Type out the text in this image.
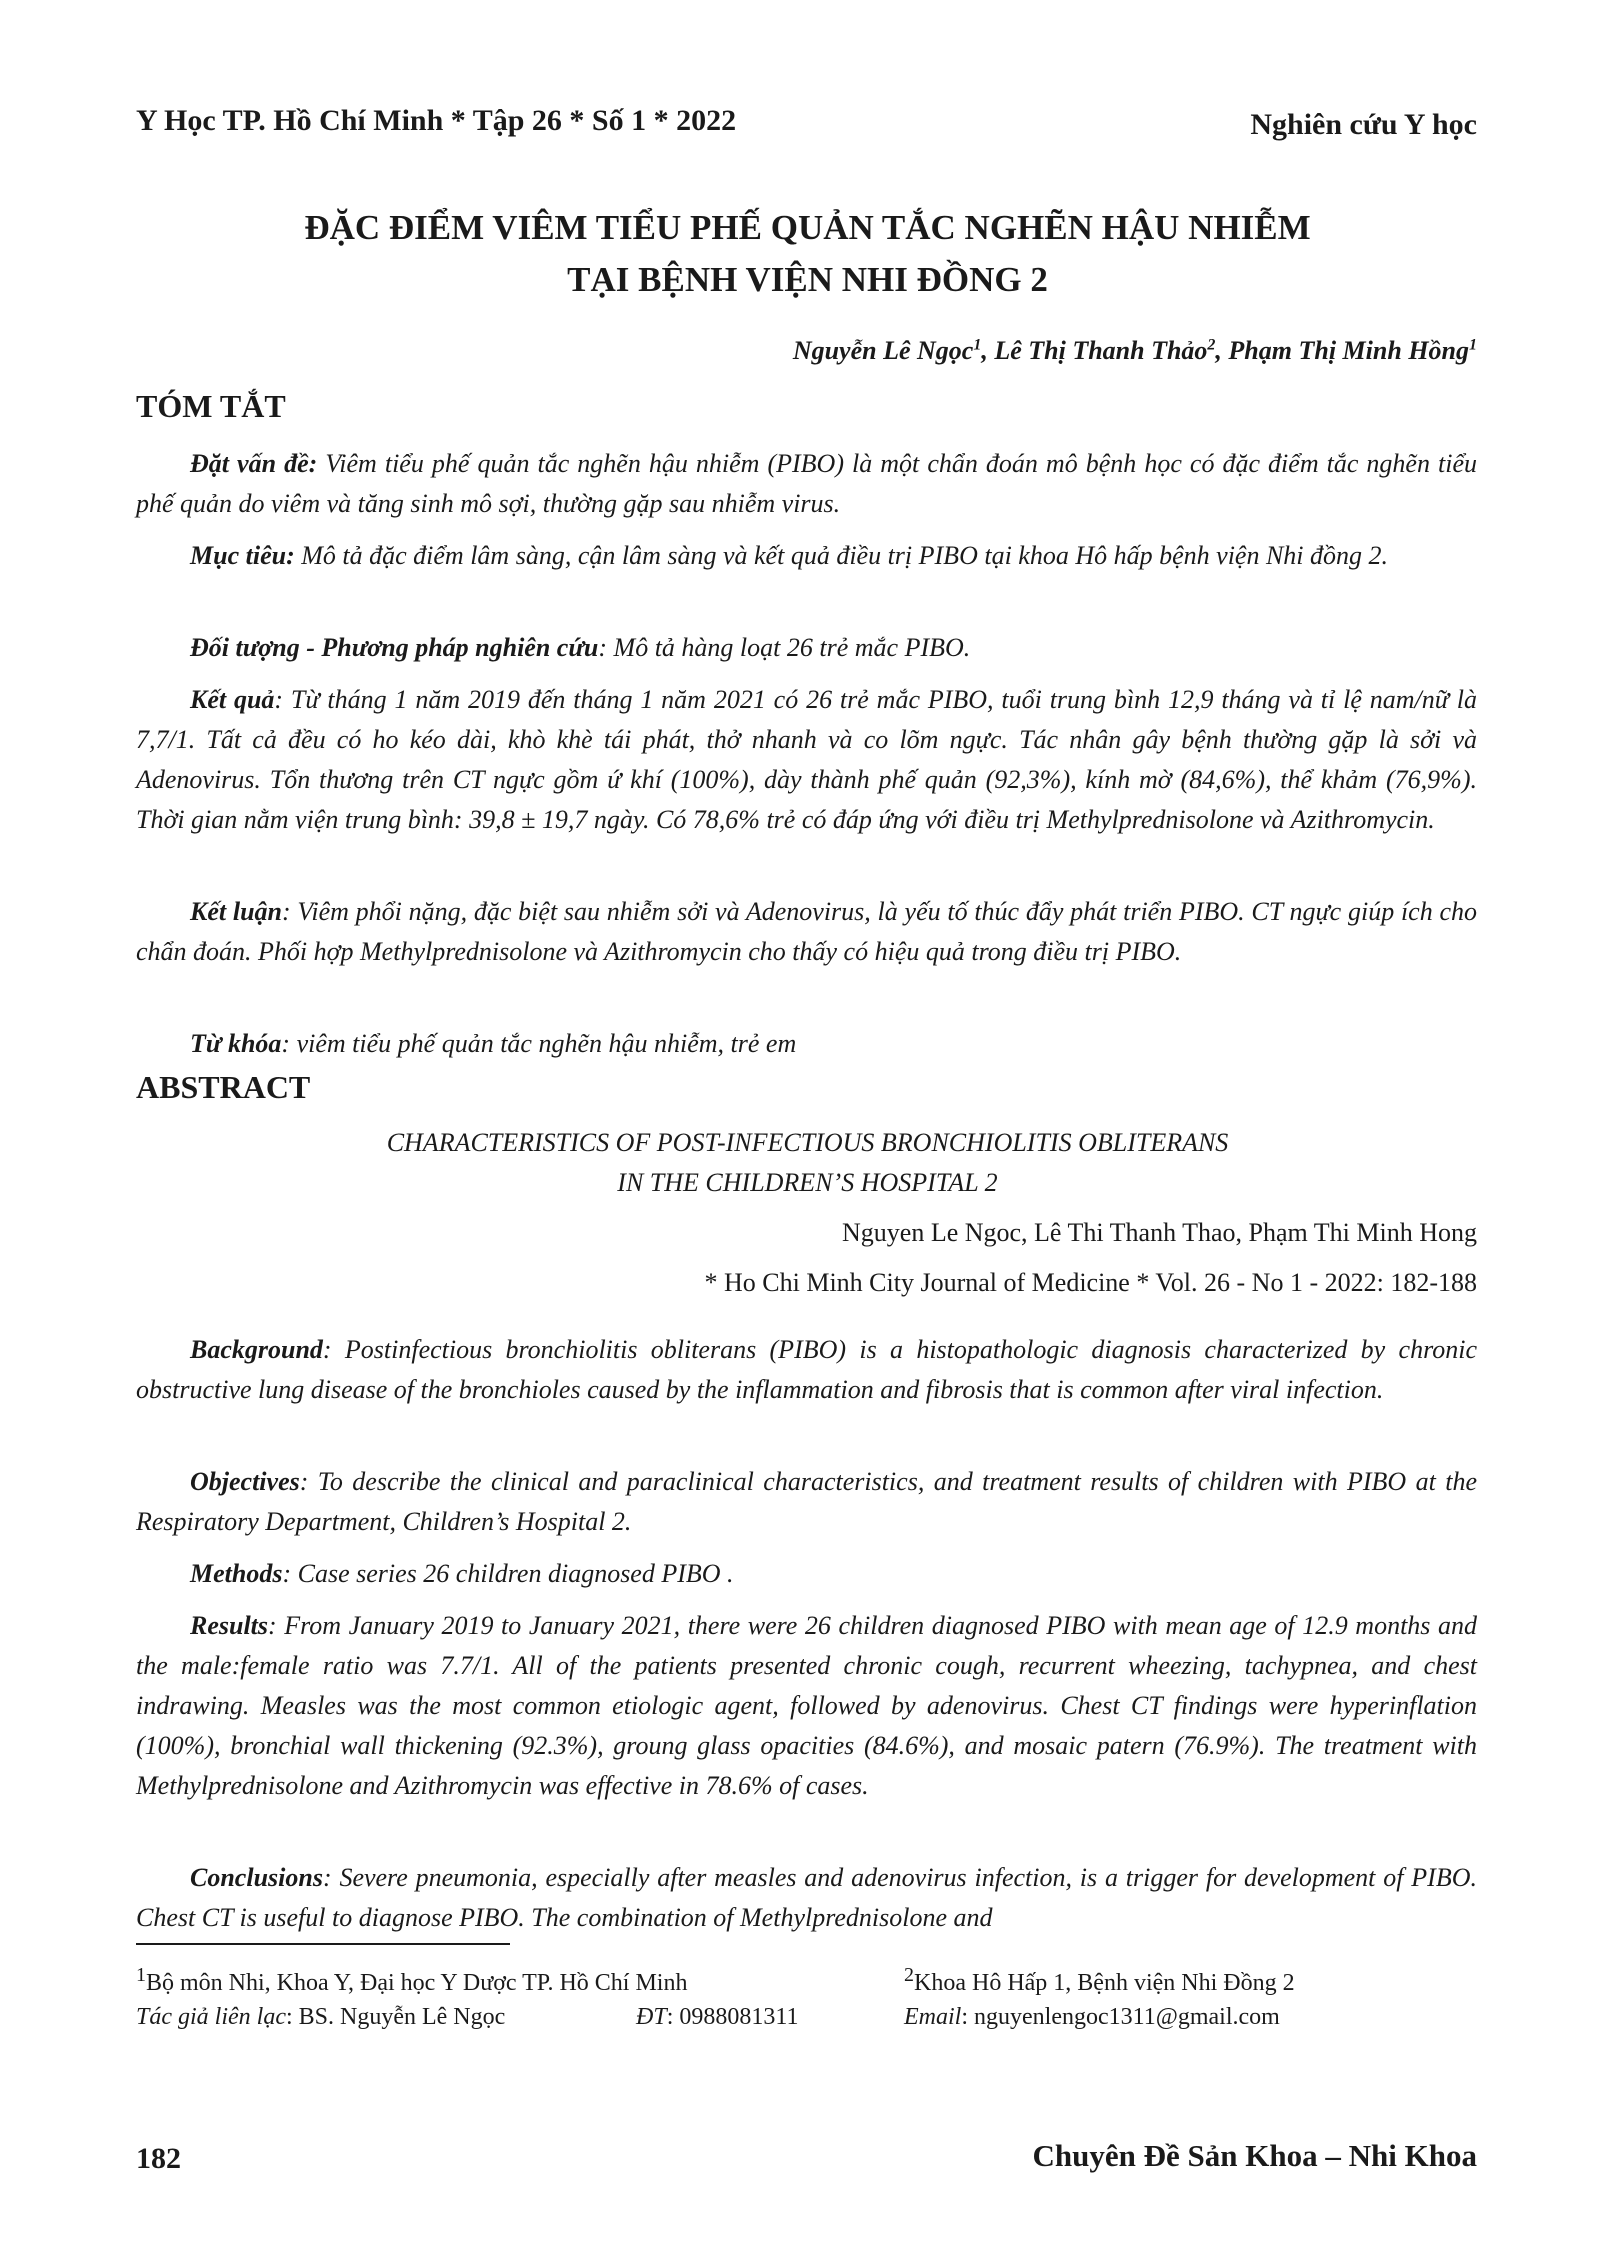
Y Học TP. Hồ Chí Minh * Tập 26 * Số 1 * 2022	Nghiên cứu Y học
ĐẶC ĐIỂM VIÊM TIỂU PHẾ QUẢN TẮC NGHẼN HẬU NHIỄM
TẠI BỆNH VIỆN NHI ĐỒNG 2
Nguyễn Lê Ngọc$^1$, Lê Thị Thanh Thảo$^2$, Phạm Thị Minh Hồng$^1$
TÓM TẮT

Đặt vấn đề: Viêm tiểu phế quản tắc nghẽn hậu nhiễm (PIBO) là một chẩn đoán mô bệnh học có đặc điểm tắc nghẽn tiểu phế quản do viêm và tăng sinh mô sợi, thường gặp sau nhiễm virus.

Mục tiêu: Mô tả đặc điểm lâm sàng, cận lâm sàng và kết quả điều trị PIBO tại khoa Hô hấp bệnh viện Nhi đồng 2.

Đối tượng - Phương pháp nghiên cứu: Mô tả hàng loạt 26 trẻ mắc PIBO.

Kết quả: Từ tháng 1 năm 2019 đến tháng 1 năm 2021 có 26 trẻ mắc PIBO, tuổi trung bình 12,9 tháng và tỉ lệ nam/nữ là 7,7/1. Tất cả đều có ho kéo dài, khò khè tái phát, thở nhanh và co lõm ngực. Tác nhân gây bệnh thường gặp là sởi và Adenovirus. Tổn thương trên CT ngực gồm ứ khí (100%), dày thành phế quản (92,3%), kính mờ (84,6%), thể khảm (76,9%). Thời gian nằm viện trung bình: 39,8 ± 19,7 ngày. Có 78,6% trẻ có đáp ứng với điều trị Methylprednisolone và Azithromycin.

Kết luận: Viêm phổi nặng, đặc biệt sau nhiễm sởi và Adenovirus, là yếu tố thúc đẩy phát triển PIBO. CT ngực giúp ích cho chẩn đoán. Phối hợp Methylprednisolone và Azithromycin cho thấy có hiệu quả trong điều trị PIBO.

Từ khóa: viêm tiểu phế quản tắc nghẽn hậu nhiễm, trẻ em

ABSTRACT
CHARACTERISTICS OF POST-INFECTIOUS BRONCHIOLITIS OBLITERANS
IN THE CHILDREN’S HOSPITAL 2
Nguyen Le Ngoc, Lê Thi Thanh Thao, Phạm Thi Minh Hong
* Ho Chi Minh City Journal of Medicine * Vol. 26 - No 1 - 2022: 182-188

Background: Postinfectious bronchiolitis obliterans (PIBO) is a histopathologic diagnosis characterized by chronic obstructive lung disease of the bronchioles caused by the inflammation and fibrosis that is common after viral infection.

Objectives: To describe the clinical and paraclinical characteristics, and treatment results of children with PIBO at the Respiratory Department, Children’s Hospital 2.

Methods: Case series 26 children diagnosed PIBO .

Results: From January 2019 to January 2021, there were 26 children diagnosed PIBO with mean age of 12.9 months and the male:female ratio was 7.7/1. All of the patients presented chronic cough, recurrent wheezing, tachypnea, and chest indrawing. Measles was the most common etiologic agent, followed by adenovirus. Chest CT findings were hyperinflation (100%), bronchial wall thickening (92.3%), groung glass opacities (84.6%), and mosaic patern (76.9%). The treatment with Methylprednisolone and Azithromycin was effective in 78.6% of cases.

Conclusions: Severe pneumonia, especially after measles and adenovirus infection, is a trigger for development of PIBO. Chest CT is useful to diagnose PIBO. The combination of Methylprednisolone and

$^1$Bộ môn Nhi, Khoa Y, Đại học Y Dược TP. Hồ Chí Minh	$^2$Khoa Hô Hấp 1, Bệnh viện Nhi Đồng 2
Tác giả liên lạc: BS. Nguyễn Lê Ngọc	ĐT: 0988081311	Email: nguyenlengoc1311@gmail.com
182	Chuyên Đề Sản Khoa – Nhi Khoa
